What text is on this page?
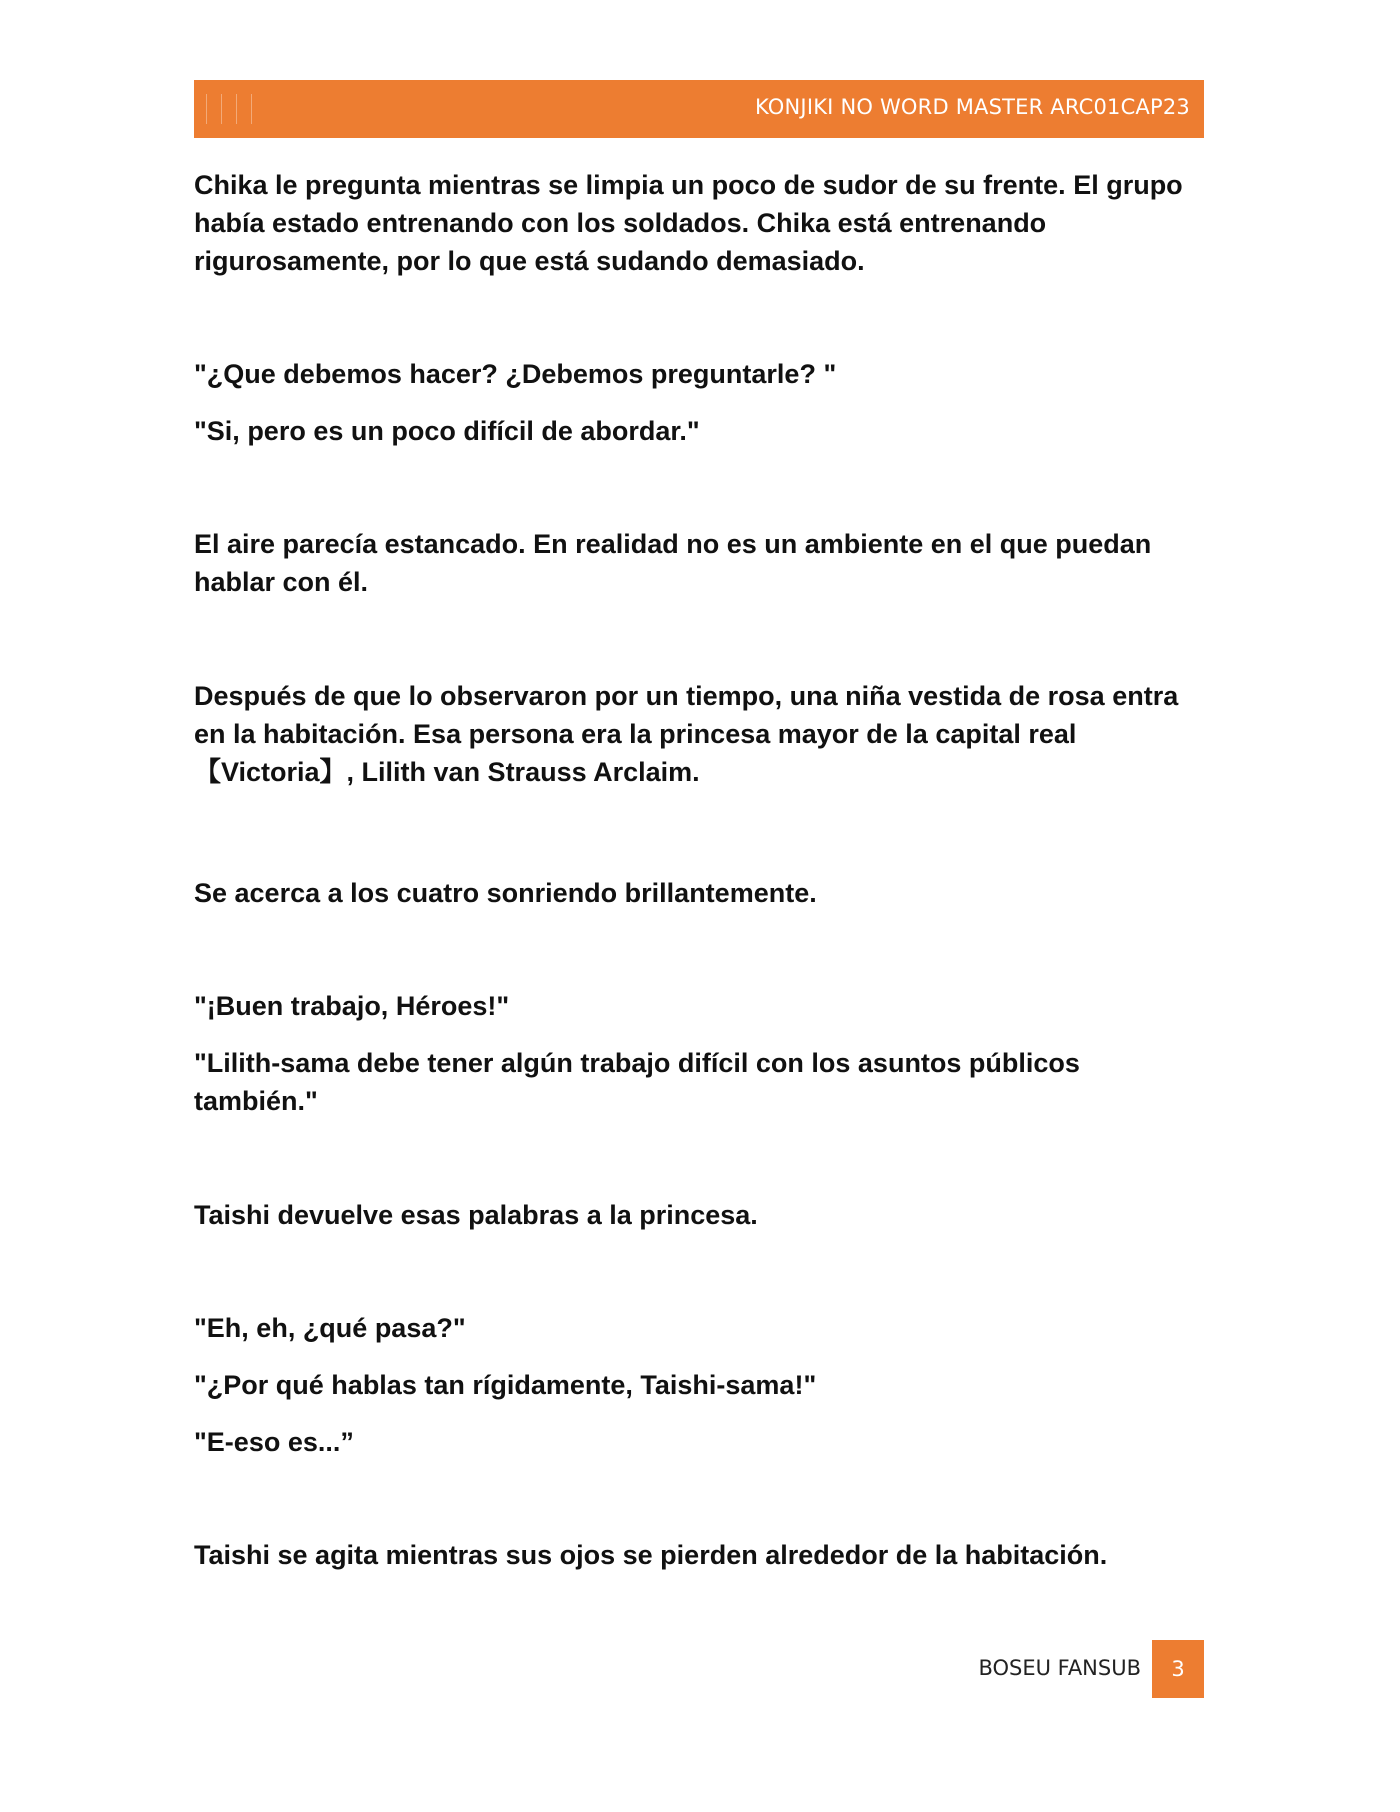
KONJIKI NO WORD MASTER ARC01CAP23

Chika le pregunta mientras se limpia un poco de sudor de su frente. El grupo había estado entrenando con los soldados. Chika está entrenando rigurosamente, por lo que está sudando demasiado.

"¿Que debemos hacer? ¿Debemos preguntarle? "

"Si, pero es un poco difícil de abordar."

El aire parecía estancado. En realidad no es un ambiente en el que puedan hablar con él.

Después de que lo observaron por un tiempo, una niña vestida de rosa entra en la habitación. Esa persona era la princesa mayor de la capital real 【Victoria】, Lilith van Strauss Arclaim.

Se acerca a los cuatro sonriendo brillantemente.

"¡Buen trabajo, Héroes!"

"Lilith-sama debe tener algún trabajo difícil con los asuntos públicos también."

Taishi devuelve esas palabras a la princesa.

"Eh, eh, ¿qué pasa?"

"¿Por qué hablas tan rígidamente, Taishi-sama!"

"E-eso es...”

Taishi se agita mientras sus ojos se pierden alrededor de la habitación.

BOSEU FANSUB	3
